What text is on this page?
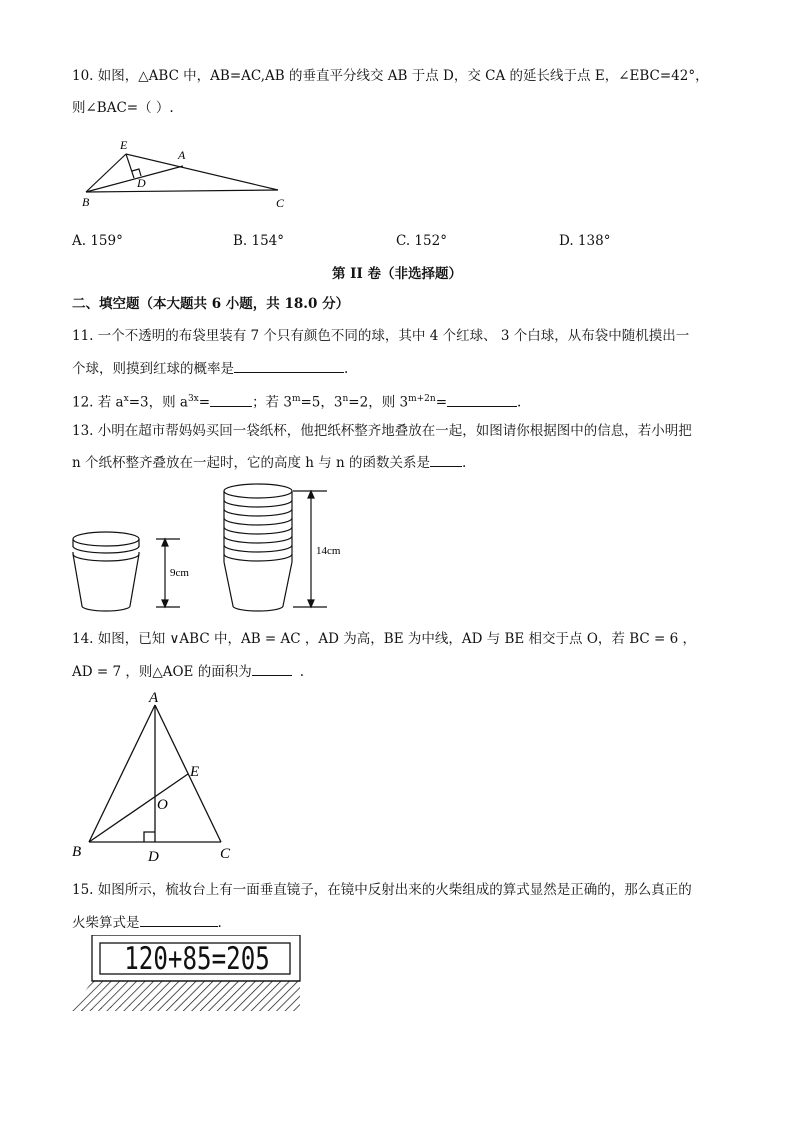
10. 如图，△ABC 中，AB=AC,AB 的垂直平分线交 AB 于点 D，交 CA 的延长线于点 E，∠EBC=42°，
则∠BAC=（ ）.
E
A
D
B	C
A. 159°	B. 154°	C. 152°	D. 138°
第 II 卷（非选择题）
二、填空题（本大题共 6 小题，共 18.0 分）
11. 一个不透明的布袋里装有 7 个只有颜色不同的球，其中 4 个红球、 3 个白球，从布袋中随机摸出一
个球，则摸到红球的概率是	.
12. 若 $a^x=3$，则 $a^{3x}=$	；若 $3^m=5$，$3^n=2$，则 $3^{m+2n}=$	.
13. 小明在超市帮妈妈买回一袋纸杯，他把纸杯整齐地叠放在一起，如图请你根据图中的信息，若小明把
n 个纸杯整齐叠放在一起时，它的高度 h 与 n 的函数关系是 .
9cm
14cm
14. 如图，已知 ∨ABC 中，AB = AC ，AD 为高，BE 为中线，AD 与 BE 相交于点 O，若 BC = 6 ，
AD = 7 ，则△AOE 的面积为	.
A
E
O
B	D	C
15. 如图所示，梳妆台上有一面垂直镜子，在镜中反射出来的火柴组成的算式显然是正确的，那么真正的
火柴算式是	.
120+85=205
